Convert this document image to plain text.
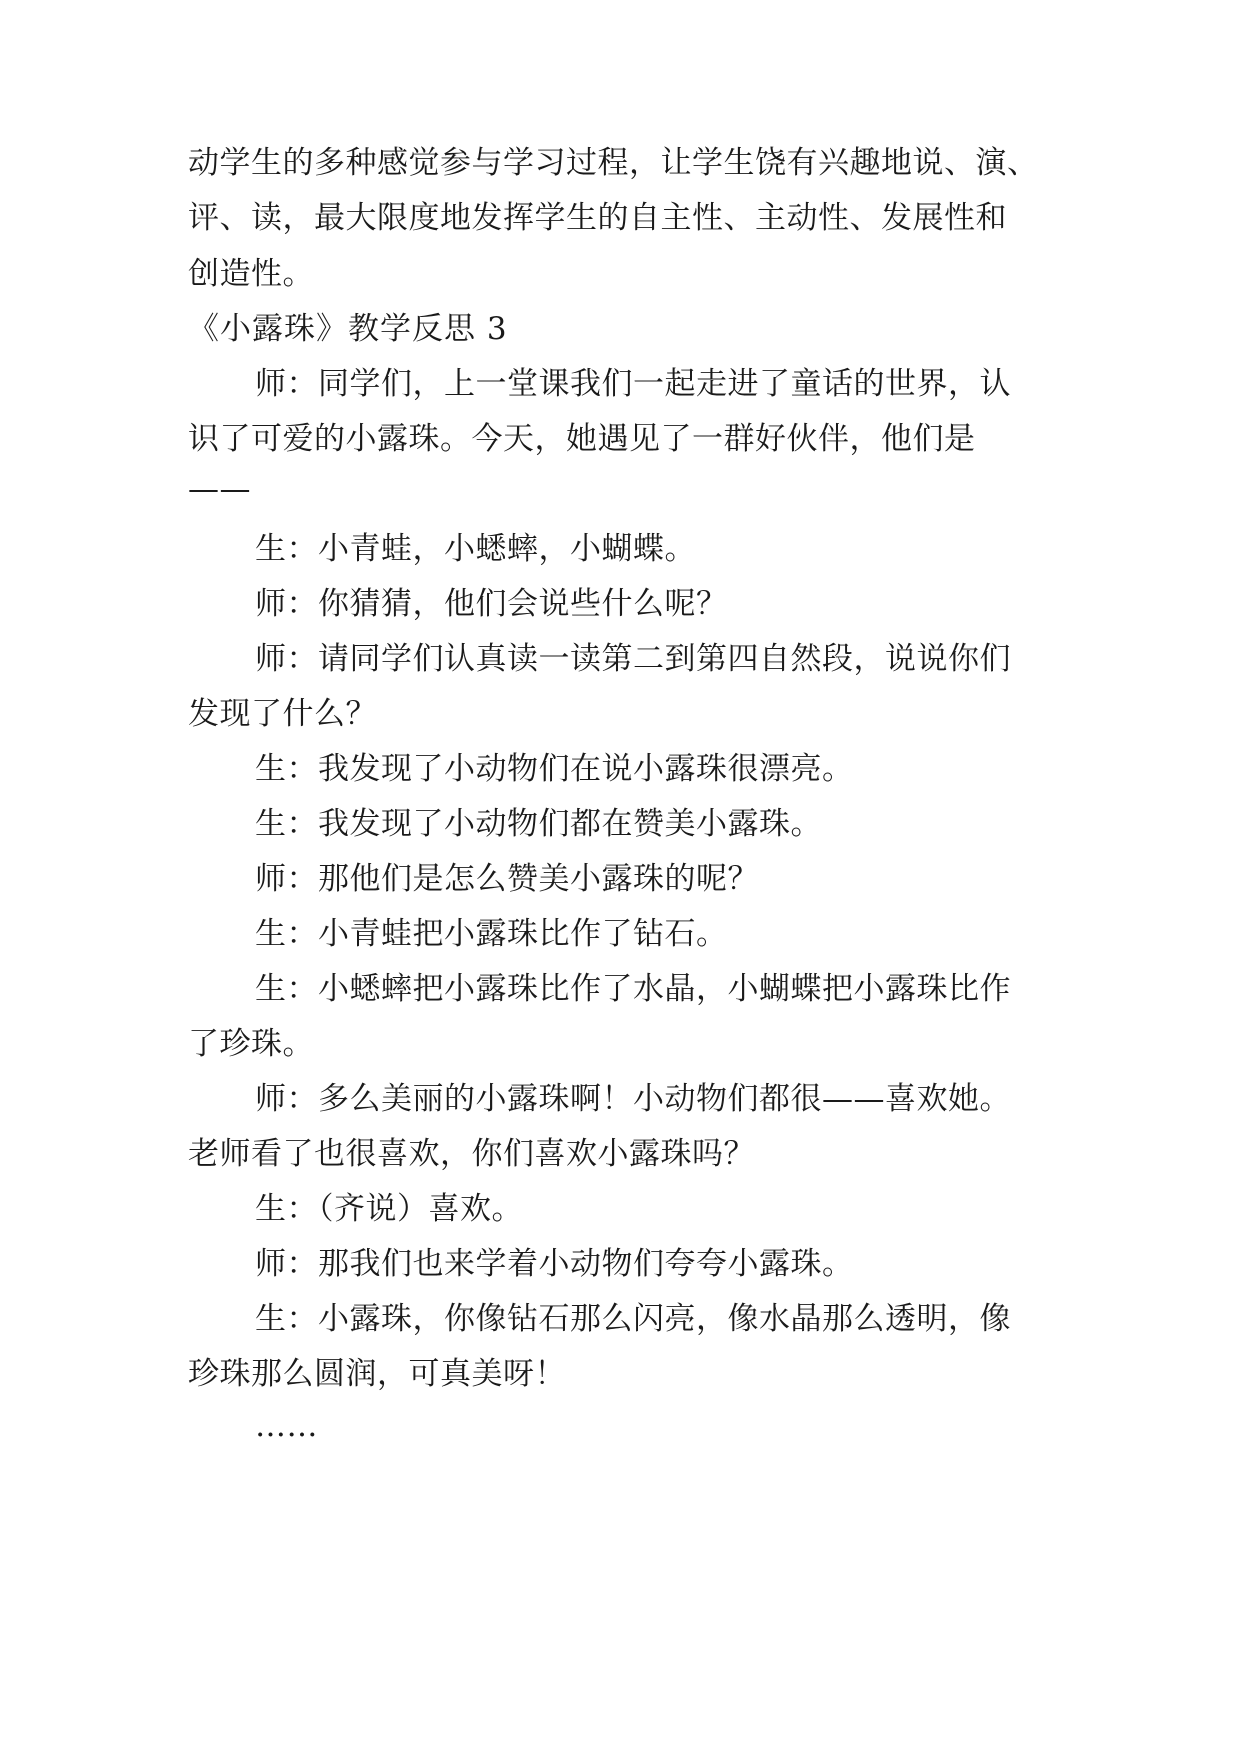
动学生的多种感觉参与学习过程，让学生饶有兴趣地说、演、
评、读，最大限度地发挥学生的自主性、主动性、发展性和
创造性。
《小露珠》教学反思 3
师：同学们，上一堂课我们一起走进了童话的世界，认
识了可爱的小露珠。今天，她遇见了一群好伙伴，他们是
——
生：小青蛙，小蟋蟀，小蝴蝶。
师：你猜猜，他们会说些什么呢？
师：请同学们认真读一读第二到第四自然段，说说你们
发现了什么？
生：我发现了小动物们在说小露珠很漂亮。
生：我发现了小动物们都在赞美小露珠。
师：那他们是怎么赞美小露珠的呢？
生：小青蛙把小露珠比作了钻石。
生：小蟋蟀把小露珠比作了水晶，小蝴蝶把小露珠比作
了珍珠。
师：多么美丽的小露珠啊！小动物们都很——喜欢她。
老师看了也很喜欢，你们喜欢小露珠吗？
生：（齐说）喜欢。
师：那我们也来学着小动物们夸夸小露珠。
生：小露珠，你像钻石那么闪亮，像水晶那么透明，像
珍珠那么圆润，可真美呀！
……
